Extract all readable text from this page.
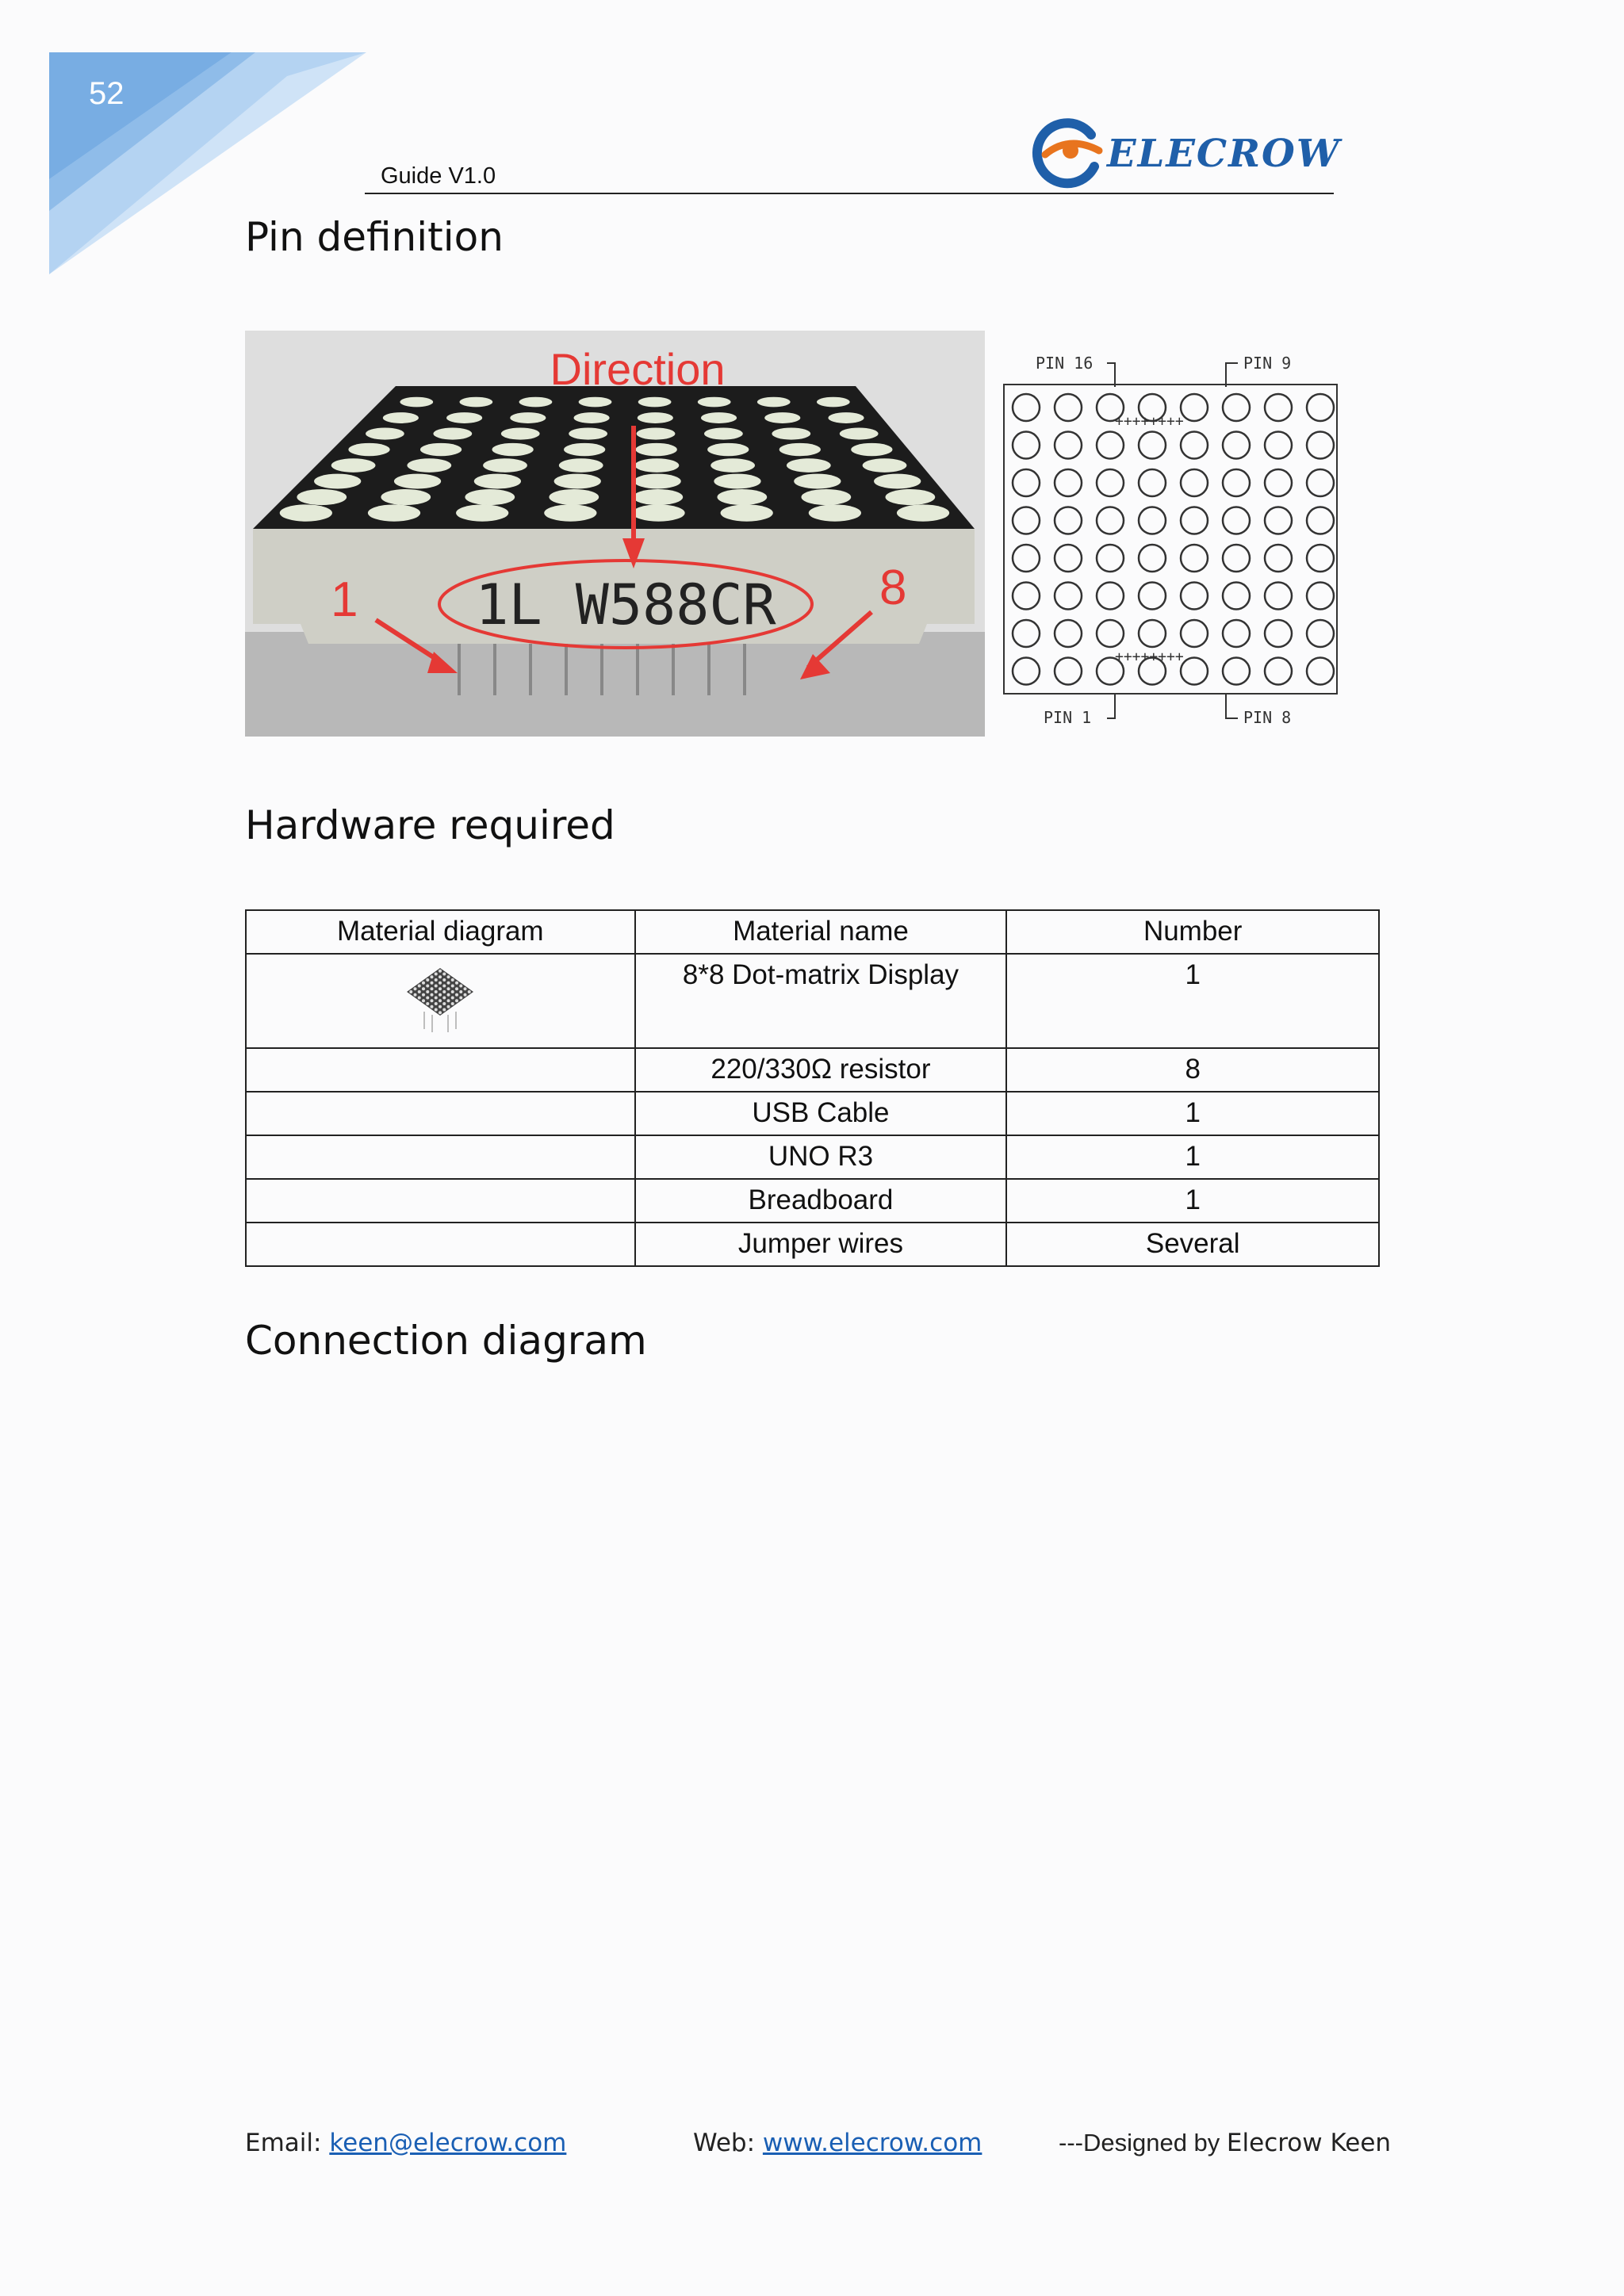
52
Guide V1.0	ELECROW
Pin definition
1L W588CR
Direction
1	8
PIN 16	PIN 9
PIN 1	PIN 8
++++++++
++++++++
Hardware required
Material diagram	Material name	Number
	8*8 Dot-matrix Display	1
	220/330Ω resistor	8
	USB Cable	1
	UNO R3	1
	Breadboard	1
	Jumper wires	Several
Connection diagram
Email: keen@elecrow.com	Web: www.elecrow.com	---Designed by Elecrow Keen
